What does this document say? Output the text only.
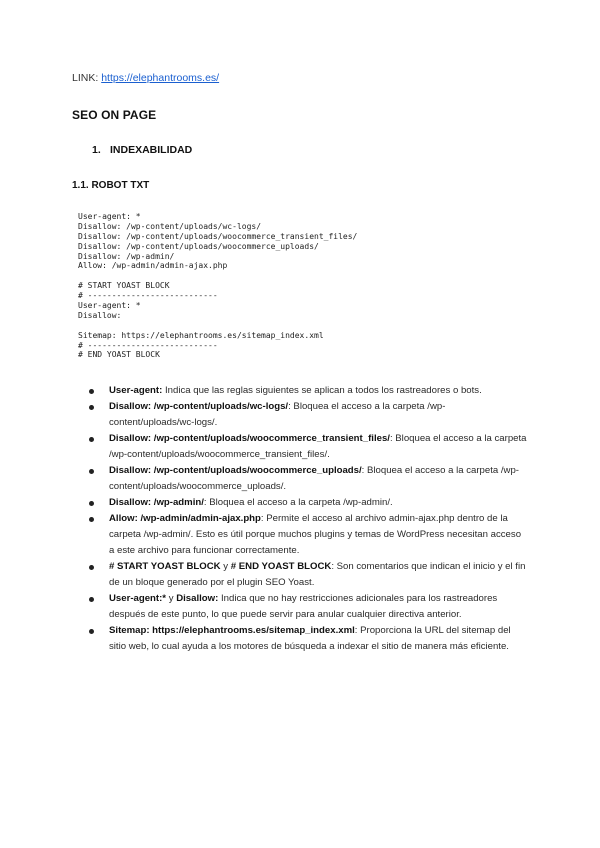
LINK: https://elephantrooms.es/
SEO ON PAGE
1. INDEXABILIDAD
1.1. ROBOT TXT
User-agent: *
Disallow: /wp-content/uploads/wc-logs/
Disallow: /wp-content/uploads/woocommerce_transient_files/
Disallow: /wp-content/uploads/woocommerce_uploads/
Disallow: /wp-admin/
Allow: /wp-admin/admin-ajax.php
# START YOAST BLOCK
# ---------------------------
User-agent: *
Disallow:
Sitemap: https://elephantrooms.es/sitemap_index.xml
# ---------------------------
# END YOAST BLOCK
User-agent: Indica que las reglas siguientes se aplican a todos los rastreadores o bots.
Disallow: /wp-content/uploads/wc-logs/: Bloquea el acceso a la carpeta /wp-content/uploads/wc-logs/.
Disallow: /wp-content/uploads/woocommerce_transient_files/: Bloquea el acceso a la carpeta /wp-content/uploads/woocommerce_transient_files/.
Disallow: /wp-content/uploads/woocommerce_uploads/: Bloquea el acceso a la carpeta /wp-content/uploads/woocommerce_uploads/.
Disallow: /wp-admin/: Bloquea el acceso a la carpeta /wp-admin/.
Allow: /wp-admin/admin-ajax.php: Permite el acceso al archivo admin-ajax.php dentro de la carpeta /wp-admin/. Esto es útil porque muchos plugins y temas de WordPress necesitan acceso a este archivo para funcionar correctamente.
# START YOAST BLOCK y # END YOAST BLOCK: Son comentarios que indican el inicio y el fin de un bloque generado por el plugin SEO Yoast.
User-agent:* y Disallow: Indica que no hay restricciones adicionales para los rastreadores después de este punto, lo que puede servir para anular cualquier directiva anterior.
Sitemap: https://elephantrooms.es/sitemap_index.xml: Proporciona la URL del sitemap del sitio web, lo cual ayuda a los motores de búsqueda a indexar el sitio de manera más eficiente.
